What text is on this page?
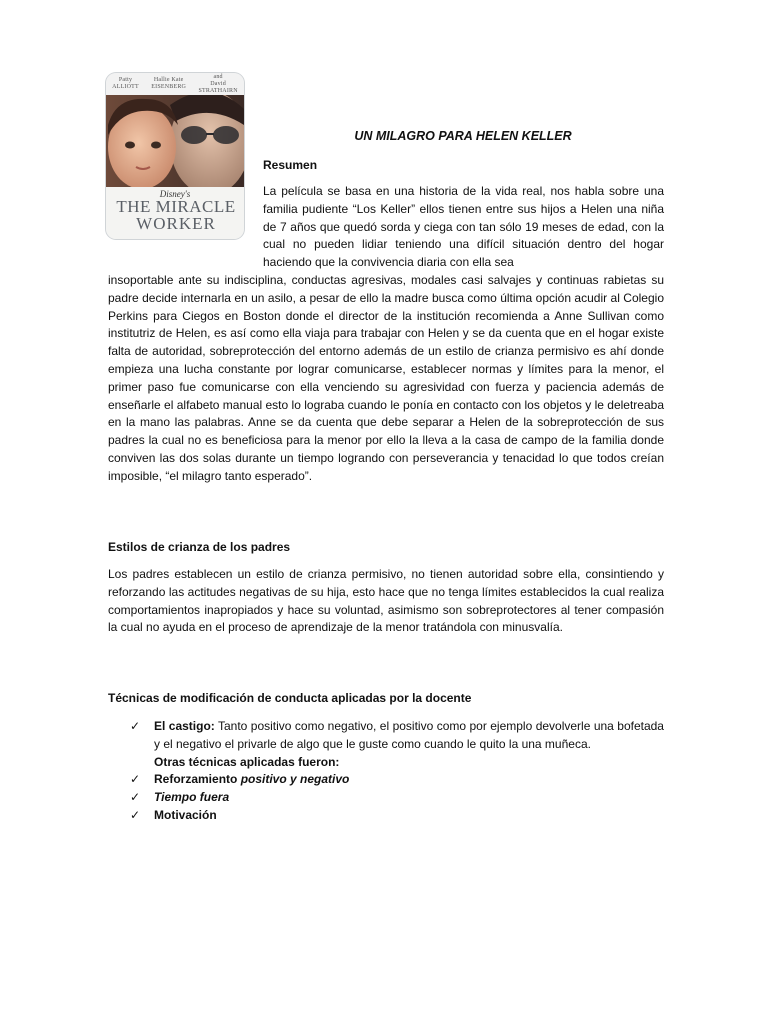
Patty
ALLIOTT
Hallie Kate
EISENBERG
and
David
STRATHAIRN
Disney's
THE MIRACLE
WORKER
UN MILAGRO PARA HELEN KELLER
Resumen

La película se basa en una historia de la vida real, nos habla sobre una familia pudiente “Los Keller” ellos tienen entre sus hijos a Helen una niña de 7 años que quedó sorda y ciega con tan sólo 19 meses de edad, con la cual no pueden lidiar teniendo una difícil situación dentro del hogar haciendo que la convivencia diaria con ella sea

insoportable ante su indisciplina, conductas agresivas, modales casi salvajes y continuas rabietas su padre decide internarla en un asilo, a pesar de ello la madre busca como última opción acudir al Colegio Perkins para Ciegos en Boston donde el director de la institución recomienda a Anne Sullivan como institutriz de Helen, es así como ella viaja para trabajar con Helen y se da cuenta que en el hogar existe falta de autoridad, sobreprotección del entorno además de un estilo de crianza permisivo es ahí donde empieza una lucha constante por lograr comunicarse, establecer normas y límites para la menor, el primer paso fue comunicarse con ella venciendo su agresividad con fuerza y paciencia además de enseñarle el alfabeto manual esto lo lograba cuando le ponía en contacto con los objetos y le deletreaba en la mano las palabras. Anne se da cuenta que debe separar a Helen de la sobreprotección de sus padres la cual no es beneficiosa para la menor por ello la lleva a la casa de campo de la familia donde conviven las dos solas durante un tiempo logrando con perseverancia y tenacidad lo que todos creían imposible, “el milagro tanto esperado”.

Estilos de crianza de los padres

Los padres establecen un estilo de crianza permisivo, no tienen autoridad sobre ella, consintiendo y reforzando las actitudes negativas de su hija, esto hace que no tenga límites establecidos la cual realiza comportamientos inapropiados y hace su voluntad, asimismo son sobreprotectores al tener compasión la cual no ayuda en el proceso de aprendizaje de la menor tratándola con minusvalía.

Técnicas de modificación de conducta aplicadas por la docente
✓ El castigo: Tanto positivo como negativo, el positivo como por ejemplo devolverle una bofetada y el negativo el privarle de algo que le guste como cuando le quito la una muñeca.
Otras técnicas aplicadas fueron:
✓ Reforzamiento positivo y negativo
✓ Tiempo fuera
✓ Motivación
